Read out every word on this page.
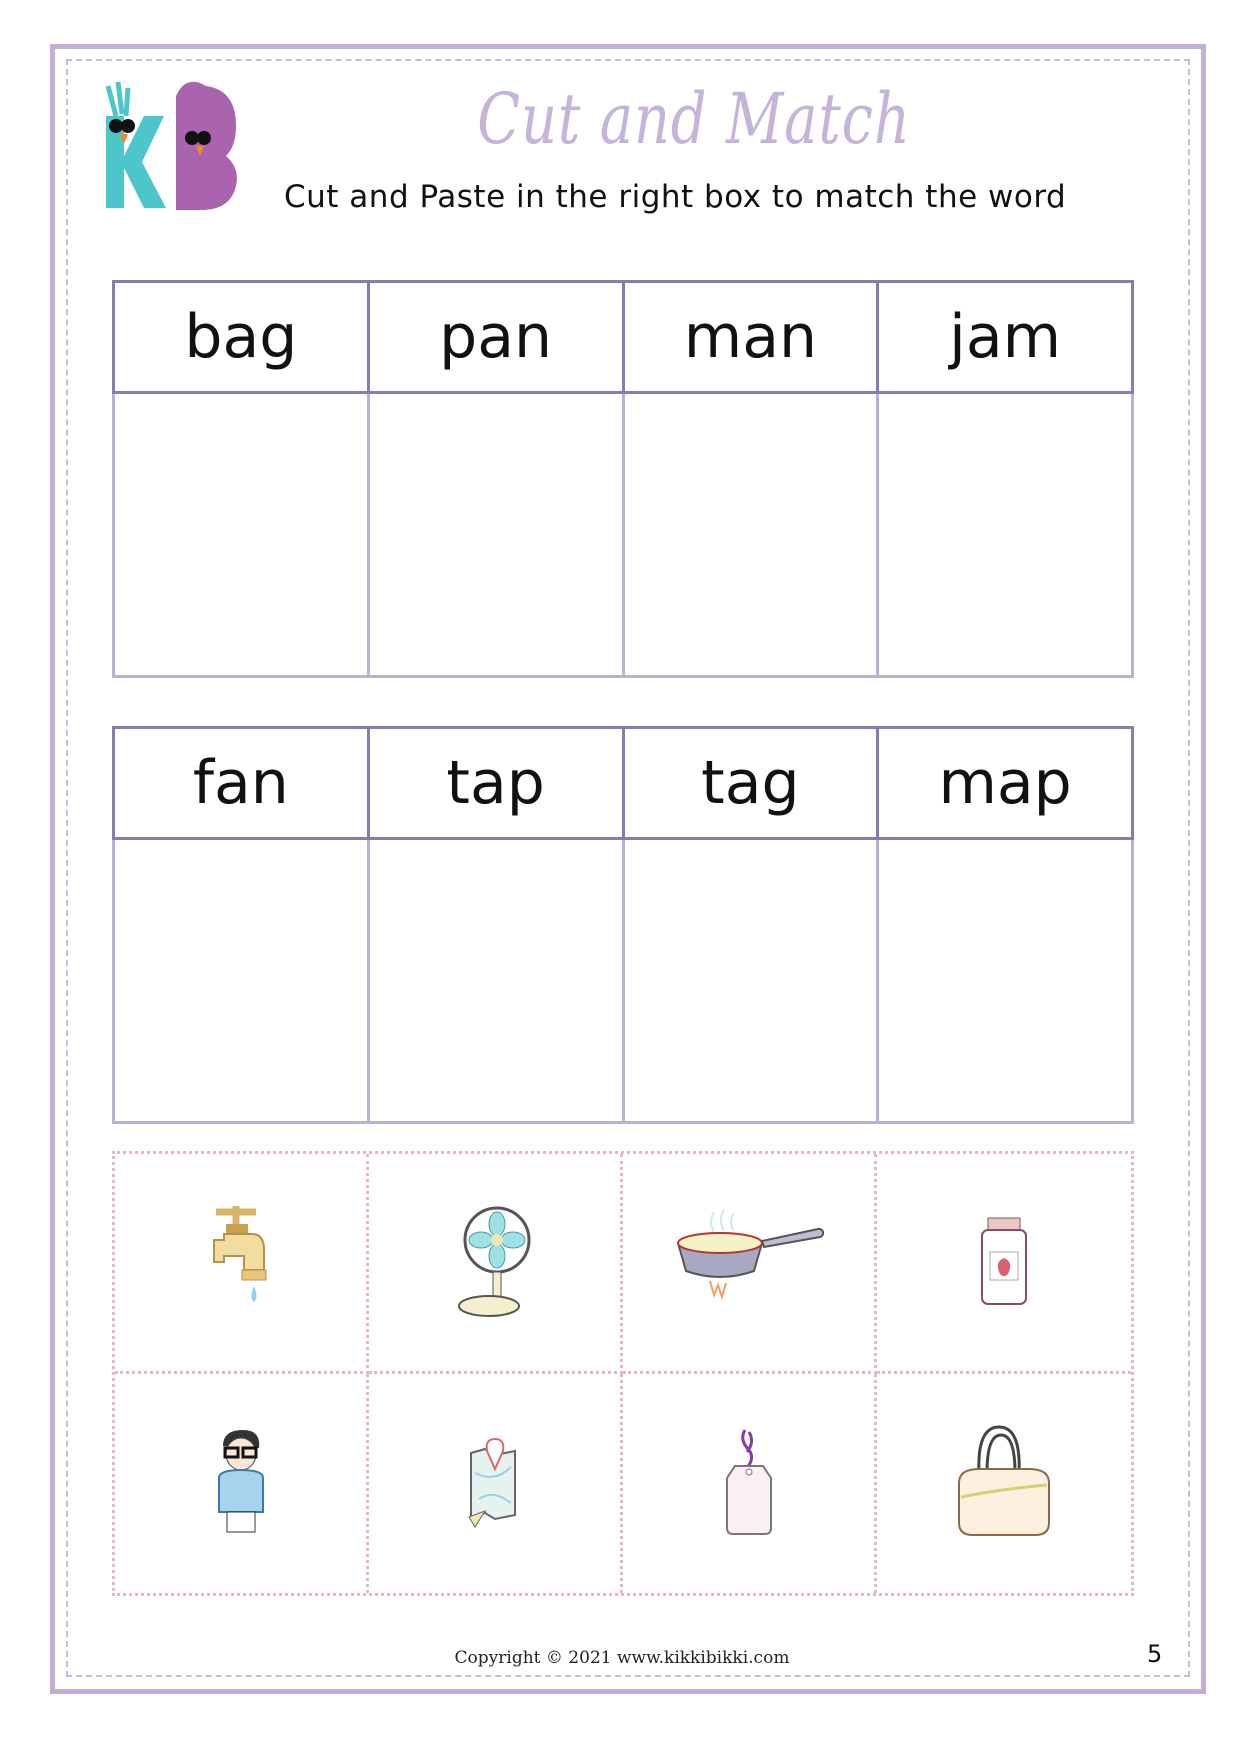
Cut and Match
Cut and Paste in the right box to match the word
bag	pan	man	jam

fan	tap	tag	map

Copyright © 2021 www.kikkibikki.com	5
